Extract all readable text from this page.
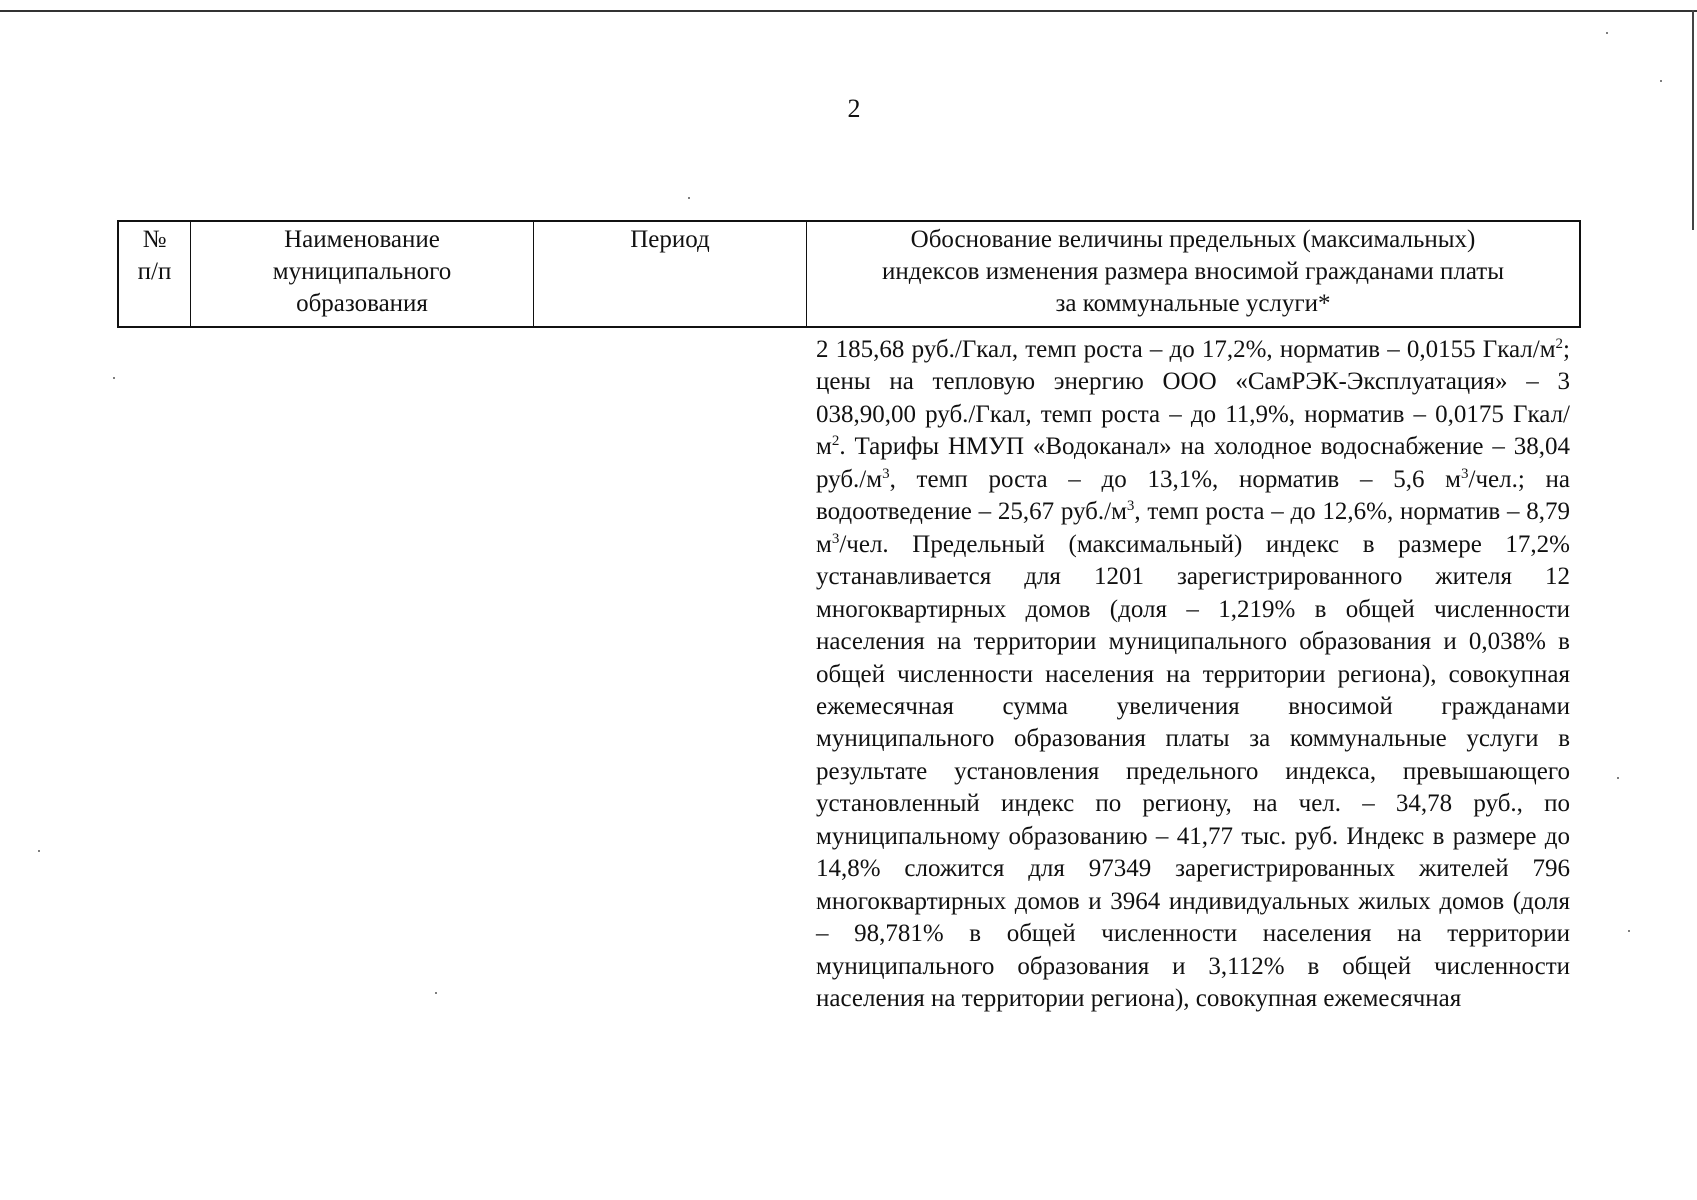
2
№
п/п
Наименование
муниципального
образования
Период	Обоснование величины предельных (максимальных)
индексов изменения размера вносимой гражданами платы
за коммунальные услуги*
2 185,68 руб./Гкал, темп роста – до 17,2%, норматив – 0,0155 Гкал/$м^2$; цены на тепловую энергию ООО «СамРЭК-Эксплуатация» – 3 038,90,00 руб./Гкал, темп роста – до 11,9%, норматив – 0,0175 Гкал/$м^2$. Тарифы НМУП «Водоканал» на холодное водоснабжение – 38,04 $руб./м^3$, темп роста – до 13,1%, норматив – 5,6 $м^3$/чел.; на водоотведение – 25,67 $руб./м^3$, темп роста – до 12,6%, норматив – 8,79 $м^3$/чел. Предельный (максимальный) индекс в размере 17,2% устанавливается для 1201 зарегистрированного жителя 12 многоквартирных домов (доля – 1,219% в общей численности населения на территории муниципального образования и 0,038% в общей численности населения на территории региона), совокупная ежемесячная сумма увеличения вносимой гражданами муниципального образования платы за коммунальные услуги в результате установления предельного индекса, превышающего установленный индекс по региону, на чел. – 34,78 руб., по муниципальному образованию – 41,77 тыс. руб. Индекс в размере до 14,8% сложится для 97349 зарегистрированных жителей 796 многоквартирных домов и 3964 индивидуальных жилых домов (доля – 98,781% в общей численности населения на территории муниципального образования и 3,112% в общей численности населения на территории региона), совокупная ежемесячная
